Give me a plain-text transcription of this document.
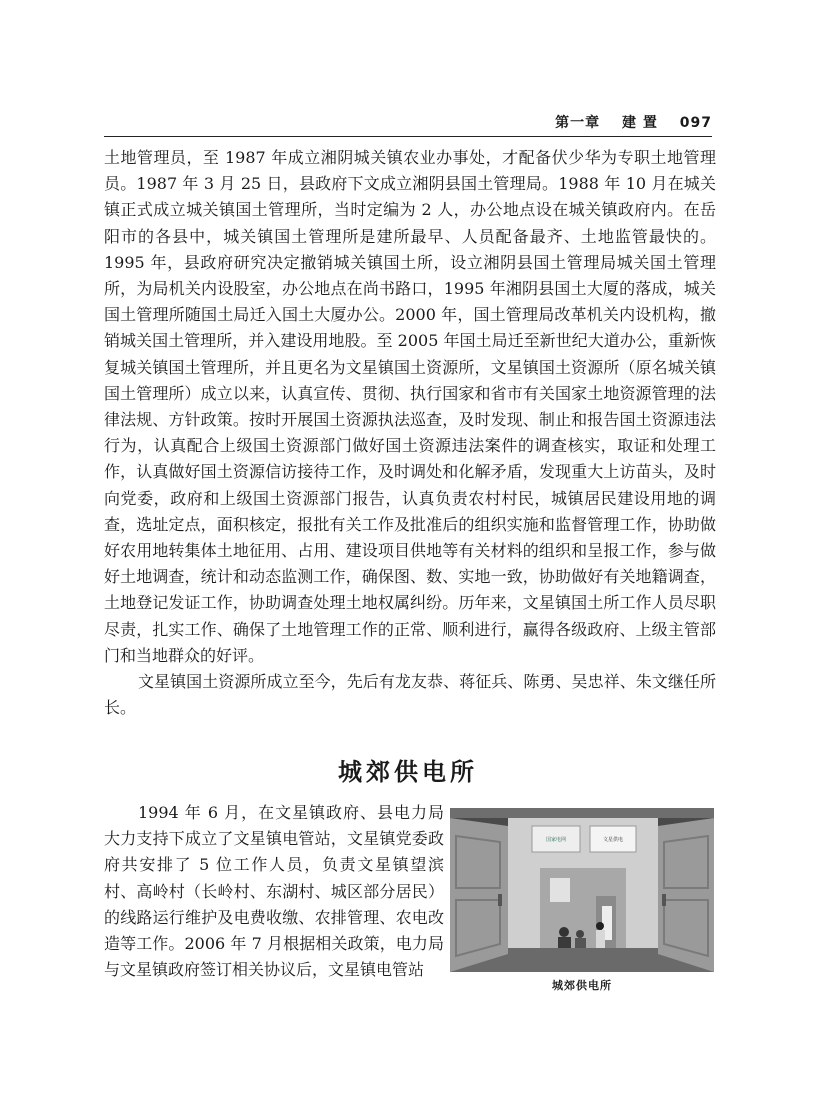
第一章 建 置 097

土地管理员，至 1987 年成立湘阴城关镇农业办事处，才配备伏少华为专职土地管理员。1987 年 3 月 25 日，县政府下文成立湘阴县国土管理局。1988 年 10 月在城关镇正式成立城关镇国土管理所，当时定编为 2 人，办公地点设在城关镇政府内。在岳阳市的各县中，城关镇国土管理所是建所最早、人员配备最齐、土地监管最快的。1995 年，县政府研究决定撤销城关镇国土所，设立湘阴县国土管理局城关国土管理所，为局机关内设股室，办公地点在尚书路口，1995 年湘阴县国土大厦的落成，城关国土管理所随国土局迁入国土大厦办公。2000 年，国土管理局改革机关内设机构，撤销城关国土管理所，并入建设用地股。至 2005 年国土局迁至新世纪大道办公，重新恢复城关镇国土管理所，并且更名为文星镇国土资源所，文星镇国土资源所（原名城关镇国土管理所）成立以来，认真宣传、贯彻、执行国家和省市有关国家土地资源管理的法律法规、方针政策。按时开展国土资源执法巡查，及时发现、制止和报告国土资源违法行为，认真配合上级国土资源部门做好国土资源违法案件的调查核实，取证和处理工作，认真做好国土资源信访接待工作，及时调处和化解矛盾，发现重大上访苗头，及时向党委，政府和上级国土资源部门报告，认真负责农村村民，城镇居民建设用地的调查，选址定点，面积核定，报批有关工作及批准后的组织实施和监督管理工作，协助做好农用地转集体土地征用、占用、建设项目供地等有关材料的组织和呈报工作，参与做好土地调查，统计和动态监测工作，确保图、数、实地一致，协助做好有关地籍调查，土地登记发证工作，协助调查处理土地权属纠纷。历年来，文星镇国土所工作人员尽职尽责，扎实工作、确保了土地管理工作的正常、顺利进行，赢得各级政府、上级主管部门和当地群众的好评。

文星镇国土资源所成立至今，先后有龙友恭、蒋征兵、陈勇、吴忠祥、朱文继任所长。

城郊供电所

1994 年 6 月，在文星镇政府、县电力局大力支持下成立了文星镇电管站，文星镇党委政府共安排了 5 位工作人员，负责文星镇望滨村、高岭村（长岭村、东湖村、城区部分居民）的线路运行维护及电费收缴、农排管理、农电改造等工作。2006 年 7 月根据相关政策，电力局与文星镇政府签订相关协议后，文星镇电管站

国家电网	文星供电
城郊供电所
